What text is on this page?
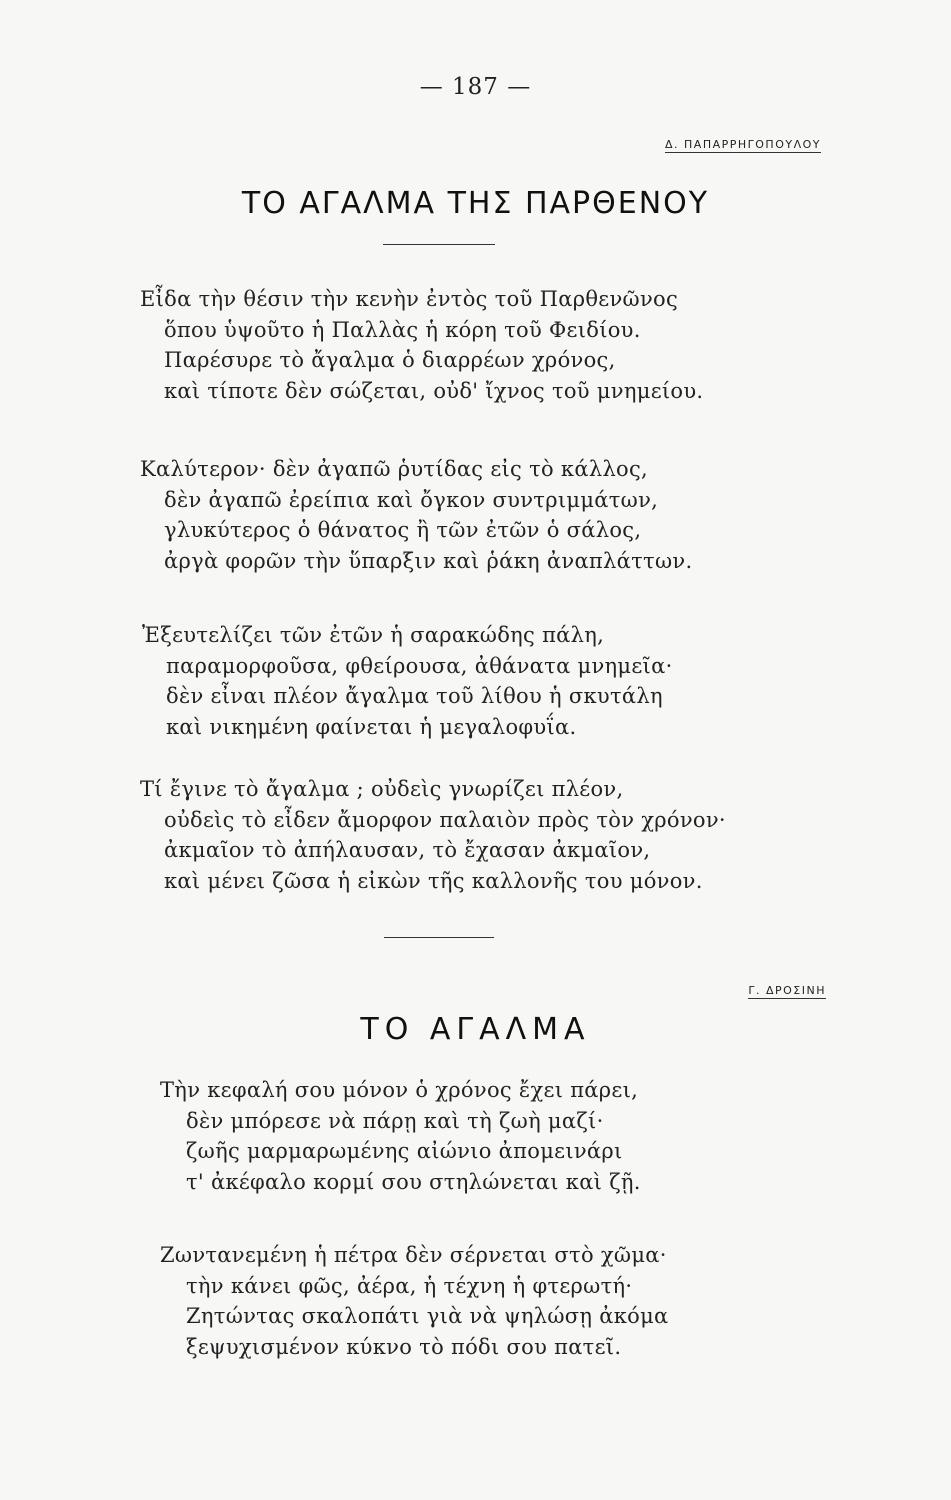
— 187 —
Δ. ΠΑΠΑΡΡΗΓΟΠΟΥΛΟΥ
ΤΟ ΑΓΑΛΜΑ ΤΗΣ ΠΑΡΘΕΝΟΥ
Εἶδα τὴν θέσιν τὴν κενὴν ἐντὸς τοῦ Παρθενῶνος
ὅπου ὑψοῦτο ἡ Παλλὰς ἡ κόρη τοῦ Φειδίου.
Παρέσυρε τὸ ἄγαλμα ὁ διαρρέων χρόνος,
καὶ τίποτε δὲν σώζεται, οὐδ' ἴχνος τοῦ μνημείου.
Καλύτερον· δὲν ἀγαπῶ ῥυτίδας εἰς τὸ κάλλος,
δὲν ἀγαπῶ ἐρείπια καὶ ὄγκον συντριμμάτων,
γλυκύτερος ὁ θάνατος ἢ τῶν ἐτῶν ὁ σάλος,
ἀργὰ φορῶν τὴν ὕπαρξιν καὶ ῥάκη ἀναπλάττων.
Ἐξευτελίζει τῶν ἐτῶν ἡ σαρακώδης πάλη,
παραμορφοῦσα, φθείρουσα, ἀθάνατα μνημεῖα·
δὲν εἶναι πλέον ἄγαλμα τοῦ λίθου ἡ σκυτάλη
καὶ νικημένη φαίνεται ἡ μεγαλοφυΐα.
Τί ἔγινε τὸ ἄγαλμα ; οὐδεὶς γνωρίζει πλέον,
οὐδεὶς τὸ εἶδεν ἄμορφον παλαιὸν πρὸς τὸν χρόνον·
ἀκμαῖον τὸ ἀπήλαυσαν, τὸ ἔχασαν ἀκμαῖον,
καὶ μένει ζῶσα ἡ εἰκὼν τῆς καλλονῆς του μόνον.
Γ. ΔΡΟΣΙΝΗ
ΤΟ ΑΓΑΛΜΑ
Τὴν κεφαλή σου μόνον ὁ χρόνος ἔχει πάρει,
δὲν μπόρεσε νὰ πάρῃ καὶ τὴ ζωὴ μαζί·
ζωῆς μαρμαρωμένης αἰώνιο ἀπομεινάρι
τ' ἀκέφαλο κορμί σου στηλώνεται καὶ ζῇ.
Ζωντανεμένη ἡ πέτρα δὲν σέρνεται στὸ χῶμα·
τὴν κάνει φῶς, ἀέρα, ἡ τέχνη ἡ φτερωτή·
Ζητώντας σκαλοπάτι γιὰ νὰ ψηλώσῃ ἀκόμα
ξεψυχισμένον κύκνο τὸ πόδι σου πατεῖ.
